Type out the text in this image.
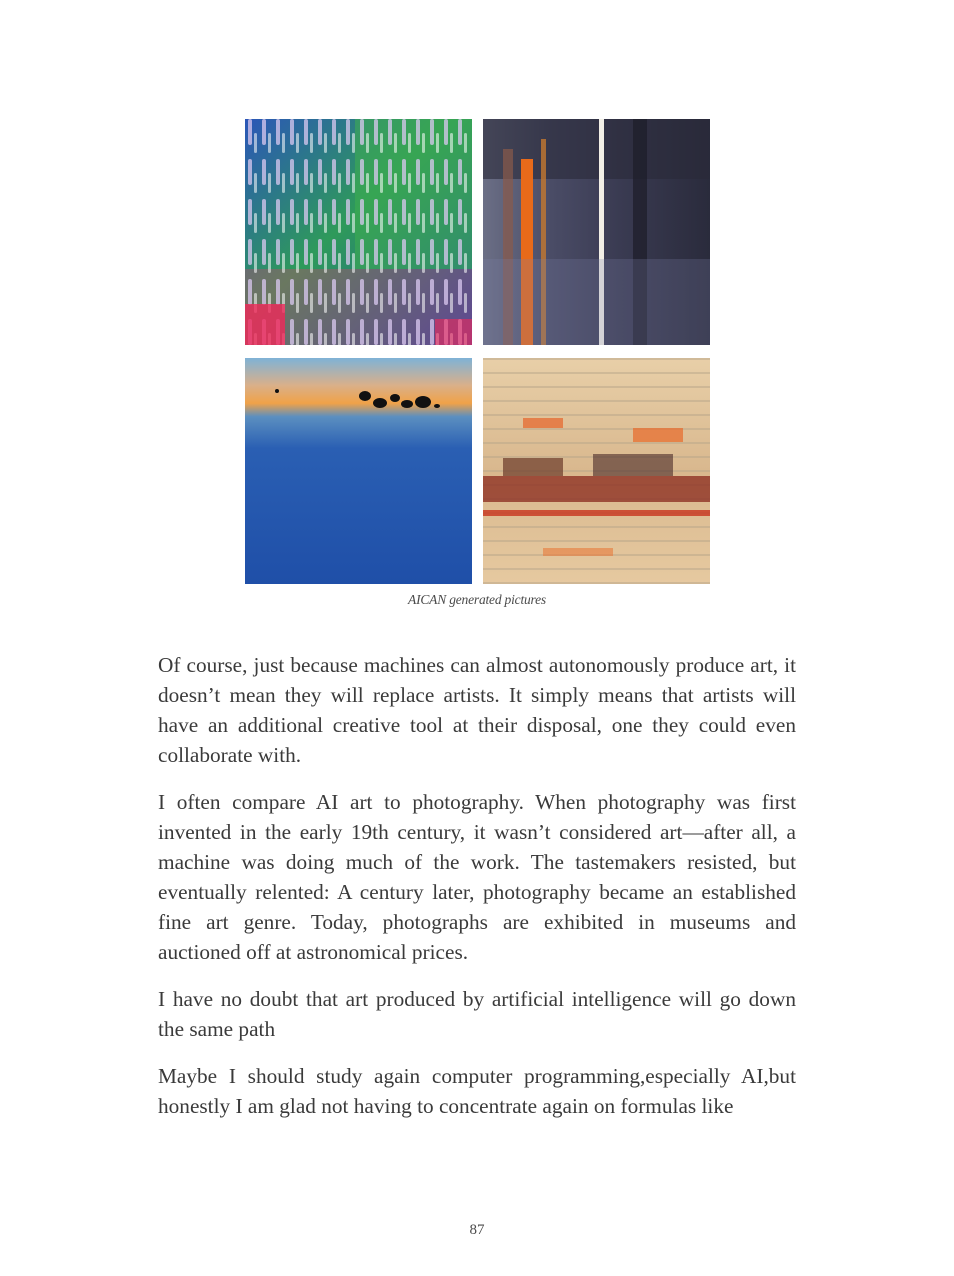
AICAN generated pictures

Of course, just because machines can almost autonomously produce art, it doesn’t mean they will replace artists. It simply means that artists will have an additional creative tool at their disposal, one they could even collaborate with.

I often compare AI art to photography. When photography was first invented in the early 19th century, it wasn’t considered art—after all, a machine was doing much of the work. The tastemakers resisted, but eventually relented: A century later, photography became an established fine art genre. Today, photographs are exhibited in museums and auctioned off at astronomical prices.

I have no doubt that art produced by artificial intelligence will go down the same path

Maybe I should study again computer programming,especially AI,but honestly I am glad not having to concentrate again on formulas like

87
